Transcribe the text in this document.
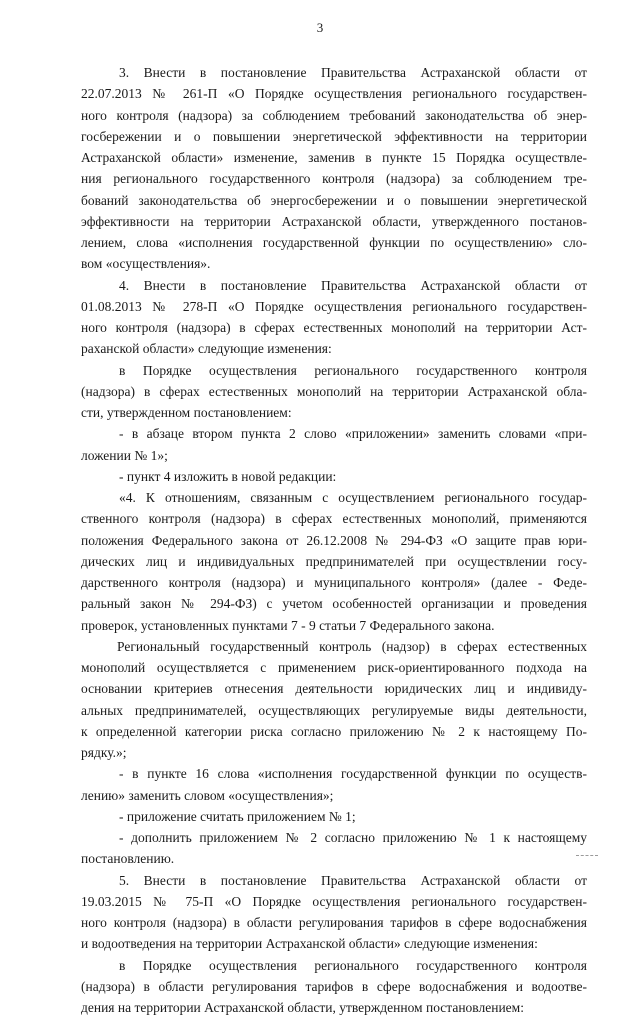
3
3. Внести в постановление Правительства Астраханской области от
22.07.2013 № 261-П «О Порядке осуществления регионального государствен-
ного контроля (надзора) за соблюдением требований законодательства об энер-
госбережении и о повышении энергетической эффективности на территории
Астраханской области» изменение, заменив в пункте 15 Порядка осуществле-
ния регионального государственного контроля (надзора) за соблюдением тре-
бований законодательства об энергосбережении и о повышении энергетической
эффективности на территории Астраханской области, утвержденного постанов-
лением, слова «исполнения государственной функции по осуществлению» сло-
вом «осуществления».
4. Внести в постановление Правительства Астраханской области от
01.08.2013 № 278-П «О Порядке осуществления регионального государствен-
ного контроля (надзора) в сферах естественных монополий на территории Аст-
раханской области» следующие изменения:
в Порядке осуществления регионального государственного контроля
(надзора) в сферах естественных монополий на территории Астраханской обла-
сти, утвержденном постановлением:
- в абзаце втором пункта 2 слово «приложении» заменить словами «при-
ложении № 1»;
- пункт 4 изложить в новой редакции:
«4. К отношениям, связанным с осуществлением регионального государ-
ственного контроля (надзора) в сферах естественных монополий, применяются
положения Федерального закона от 26.12.2008 № 294-ФЗ «О защите прав юри-
дических лиц и индивидуальных предпринимателей при осуществлении госу-
дарственного контроля (надзора) и муниципального контроля» (далее - Феде-
ральный закон № 294-ФЗ) с учетом особенностей организации и проведения
проверок, установленных пунктами 7 - 9 статьи 7 Федерального закона.
Региональный государственный контроль (надзор) в сферах естественных
монополий осуществляется с применением риск-ориентированного подхода на
основании критериев отнесения деятельности юридических лиц и индивиду-
альных предпринимателей, осуществляющих регулируемые виды деятельности,
к определенной категории риска согласно приложению № 2 к настоящему По-
рядку.»;
- в пункте 16 слова «исполнения государственной функции по осуществ-
лению» заменить словом «осуществления»;
- приложение считать приложением № 1;
- дополнить приложением № 2 согласно приложению № 1 к настоящему
постановлению.
5. Внести в постановление Правительства Астраханской области от
19.03.2015 № 75-П «О Порядке осуществления регионального государствен-
ного контроля (надзора) в области регулирования тарифов в сфере водоснабжения
и водоотведения на территории Астраханской области» следующие изменения:
в Порядке осуществления регионального государственного контроля
(надзора) в области регулирования тарифов в сфере водоснабжения и водоотве-
дения на территории Астраханской области, утвержденном постановлением:
